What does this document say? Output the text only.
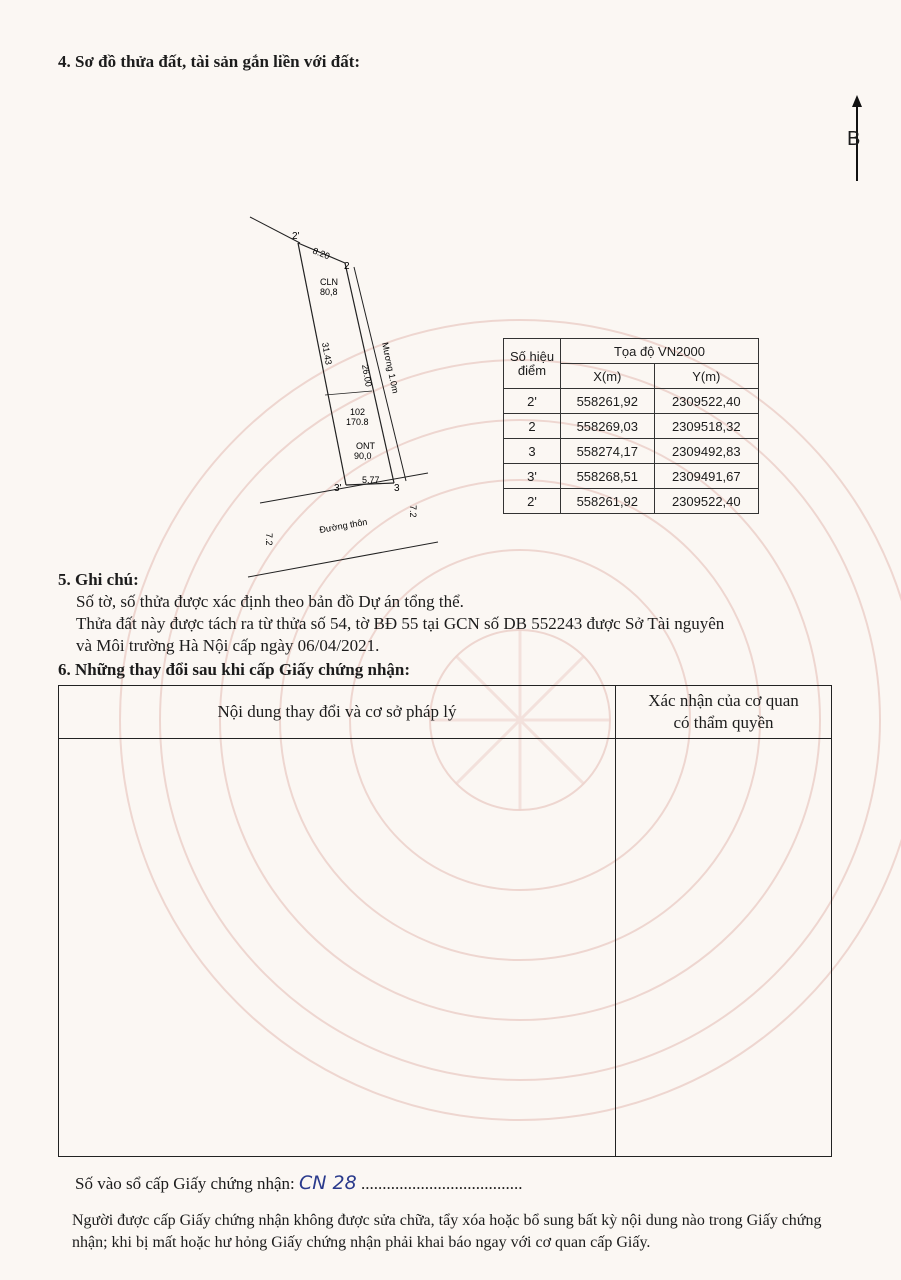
4. Sơ đồ thửa đất, tài sản gắn liền với đất:
B
2'
2
3'	3
8.20
CLN
80,8
31.43
26.00 Mương 1.0m
102
170.8
ONT
90,0
5.77
Đường thôn
7.2
7.2
Số hiệu điểm	Tọa độ VN2000	
	X(m)	Y(m)
2'	558261,92	2309522,40
2	558269,03	2309518,32
3	558274,17	2309492,83
3'	558268,51	2309491,67
2'	558261,92	2309522,40
5. Ghi chú:
Số tờ, số thửa được xác định theo bản đồ Dự án tổng thể.
Thửa đất này được tách ra từ thửa số 54, tờ BĐ 55 tại GCN số DB 552243 được Sở Tài nguyên
và Môi trường Hà Nội cấp ngày 06/04/2021.
6. Những thay đổi sau khi cấp Giấy chứng nhận:
Nội dung thay đổi và cơ sở pháp lý
Xác nhận của cơ quan
có thẩm quyền
Số vào sổ cấp Giấy chứng nhận: CN 28 ......................................
Người được cấp Giấy chứng nhận không được sửa chữa, tẩy xóa hoặc bổ sung bất kỳ nội dung nào trong Giấy chứng nhận; khi bị mất hoặc hư hỏng Giấy chứng nhận phải khai báo ngay với cơ quan cấp Giấy.
